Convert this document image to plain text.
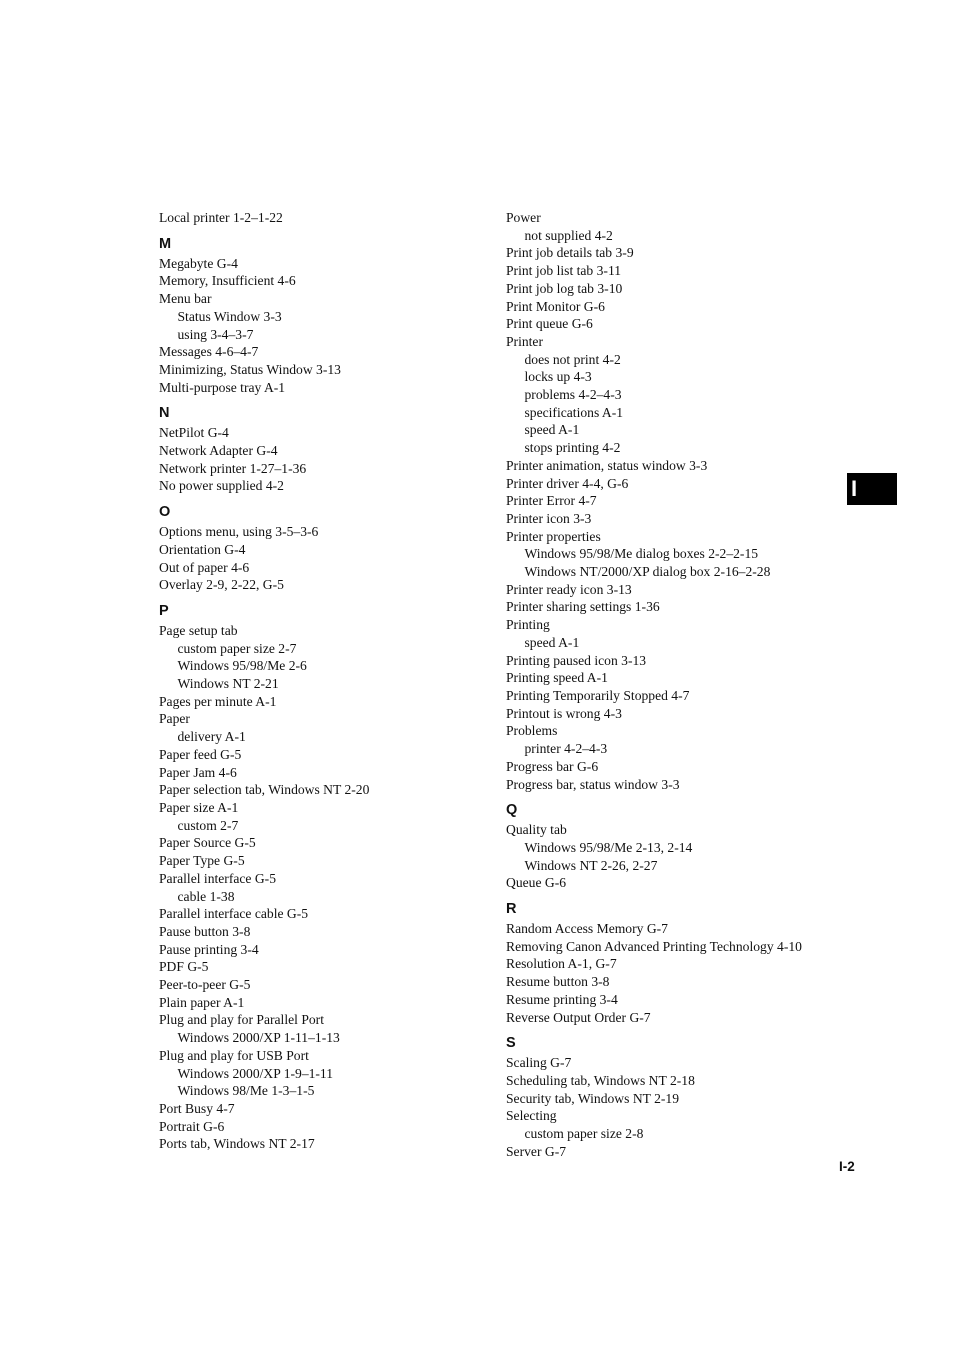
Local printer 1-2–1-22
M
Megabyte G-4
Memory, Insufficient 4-6
Menu bar
Status Window 3-3
using 3-4–3-7
Messages 4-6–4-7
Minimizing, Status Window 3-13
Multi-purpose tray A-1
N
NetPilot G-4
Network Adapter G-4
Network printer 1-27–1-36
No power supplied 4-2
O
Options menu, using 3-5–3-6
Orientation G-4
Out of paper 4-6
Overlay 2-9, 2-22, G-5
P
Page setup tab
custom paper size 2-7
Windows 95/98/Me 2-6
Windows NT 2-21
Pages per minute A-1
Paper
delivery A-1
Paper feed G-5
Paper Jam 4-6
Paper selection tab, Windows NT 2-20
Paper size A-1
custom 2-7
Paper Source G-5
Paper Type G-5
Parallel interface G-5
cable 1-38
Parallel interface cable G-5
Pause button 3-8
Pause printing 3-4
PDF G-5
Peer-to-peer G-5
Plain paper A-1
Plug and play for Parallel Port
Windows 2000/XP 1-11–1-13
Plug and play for USB Port
Windows 2000/XP 1-9–1-11
Windows 98/Me 1-3–1-5
Port Busy 4-7
Portrait G-6
Ports tab, Windows NT 2-17
Power
not supplied 4-2
Print job details tab 3-9
Print job list tab 3-11
Print job log tab 3-10
Print Monitor G-6
Print queue G-6
Printer
does not print 4-2
locks up 4-3
problems 4-2–4-3
specifications A-1
speed A-1
stops printing 4-2
Printer animation, status window 3-3
Printer driver 4-4, G-6
Printer Error 4-7
Printer icon 3-3
Printer properties
Windows 95/98/Me dialog boxes 2-2–2-15
Windows NT/2000/XP dialog box 2-16–2-28
Printer ready icon 3-13
Printer sharing settings 1-36
Printing
speed A-1
Printing paused icon 3-13
Printing speed A-1
Printing Temporarily Stopped 4-7
Printout is wrong 4-3
Problems
printer 4-2–4-3
Progress bar G-6
Progress bar, status window 3-3
Q
Quality tab
Windows 95/98/Me 2-13, 2-14
Windows NT 2-26, 2-27
Queue G-6
R
Random Access Memory G-7
Removing Canon Advanced Printing Technology 4-10
Resolution A-1, G-7
Resume button 3-8
Resume printing 3-4
Reverse Output Order G-7
S
Scaling G-7
Scheduling tab, Windows NT 2-18
Security tab, Windows NT 2-19
Selecting
custom paper size 2-8
Server G-7
I
I-2
